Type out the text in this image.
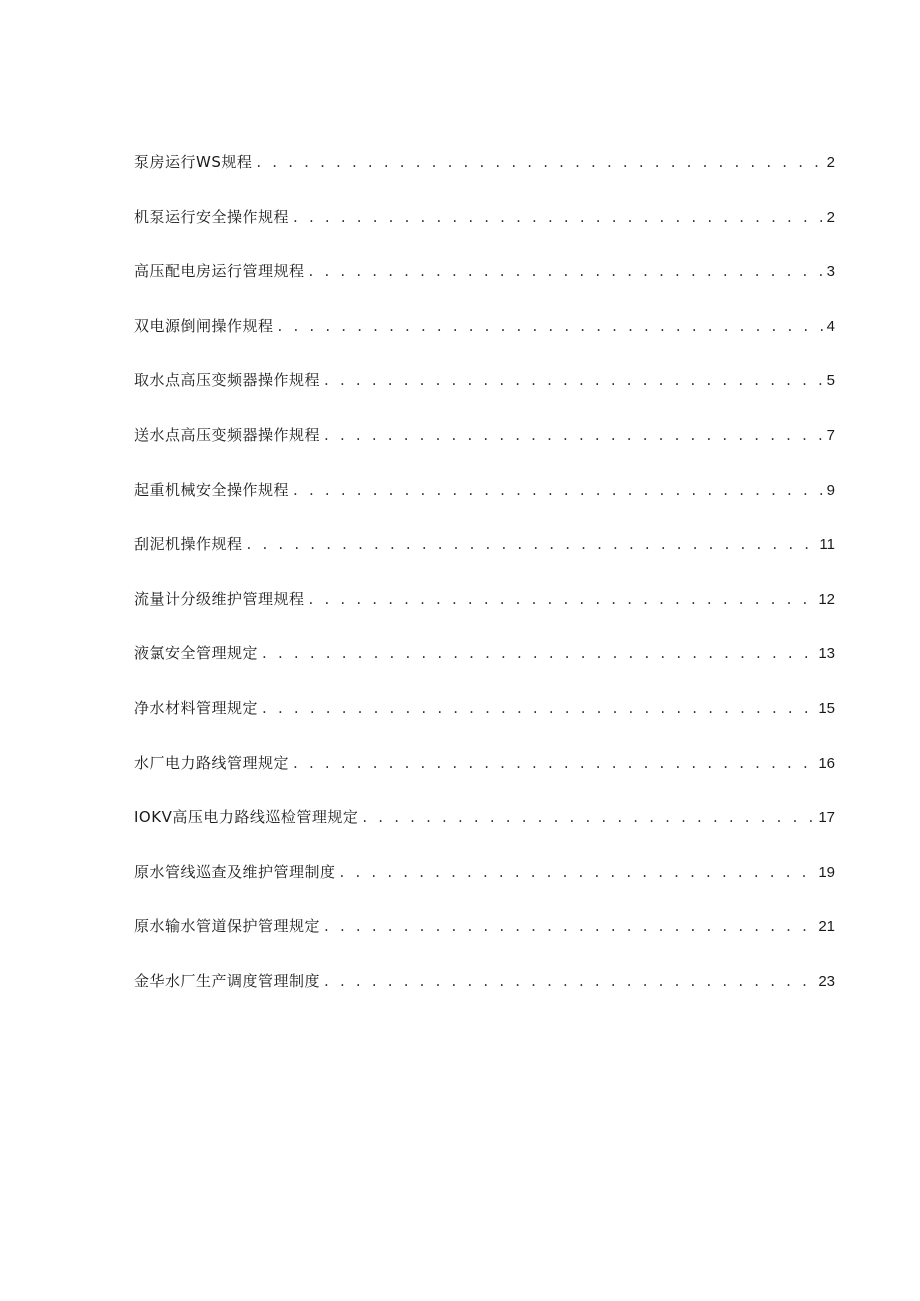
泵房运行WS规程 . . .	2
机泵运行安全操作规程 . . .	2
高压配电房运行管理规程 . . .	3
双电源倒闸操作规程 . . .	4
取水点高压变频器操作规程 . . .	5
送水点高压变频器操作规程 . . .	7
起重机械安全操作规程 . . .	9
刮泥机操作规程 . . .	11
流量计分级维护管理规程 . . .	12
液氯安全管理规定 . . .	13
净水材料管理规定 . . .	15
水厂电力路线管理规定 . . .	16
IOKV高压电力路线巡检管理规定 . . .	17
原水管线巡查及维护管理制度 . . .	19
原水输水管道保护管理规定 . . .	21
金华水厂生产调度管理制度 . . .	23
